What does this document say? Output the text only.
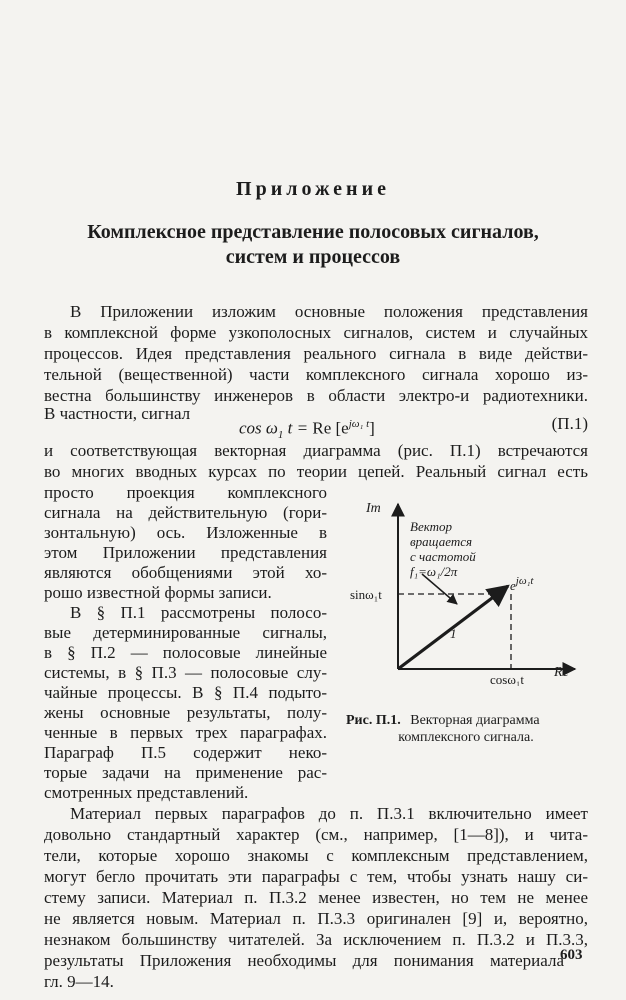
Приложение
Комплексное представление полосовых сигналов,
систем и процессов
В Приложении изложим основные положения представления
в комплексной форме узкополосных сигналов, систем и случайных
процессов. Идея представления реального сигнала в виде действи-
тельной (вещественной) части комплексного сигнала хорошо из-
вестна большинству инженеров в области электро-и радиотехники.
В частности, сигнал
$\cos \omega_1$ t = Re $[e^{j\omega_1 t}]$	(П.1)
и соответствующая векторная диаграмма (рис. П.1) встречаются
во многих вводных курсах по теории цепей. Реальный сигнал есть
просто проекция комплексного
сигнала на действительную (гори-
зонтальную) ось. Изложенные в
этом Приложении представления
являются обобщениями этой хо-
рошо известной формы записи.
В § П.1 рассмотрены полосо-
вые детерминированные сигналы,
в § П.2 — полосовые линейные
системы, в § П.3 — полосовые слу-
чайные процессы. В § П.4 подыто-
жены основные результаты, полу-
ченные в первых трех параграфах.
Параграф П.5 содержит неко-
торые задачи на применение рас-
смотренных представлений.
Im
Re
Вектор
вращается
с частотой
f₁=ω₁/2π
sinω₁t
cosω₁t
$e^{j\omega_1t}$
1
Рис. П.1. Векторная диаграмма
комплексного сигнала.
Материал первых параграфов до п. П.3.1 включительно имеет
довольно стандартный характер (см., например, [1—8]), и чита-
тели, которые хорошо знакомы с комплексным представлением,
могут бегло прочитать эти параграфы с тем, чтобы узнать нашу си-
стему записи. Материал п. П.3.2 менее известен, но тем не менее
не является новым. Материал п. П.3.3 оригинален [9] и, вероятно,
незнаком большинству читателей. За исключением п. П.3.2 и П.3.3,
результаты Приложения необходимы для понимания материала
гл. 9—14.
603
